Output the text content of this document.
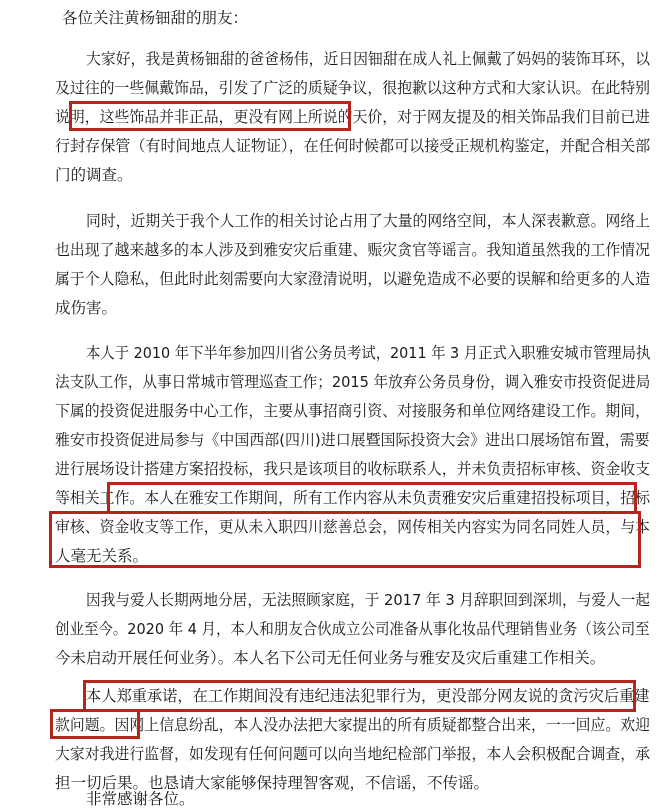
各位关注黄杨钿甜的朋友：
大家好，我是黄杨钿甜的爸爸杨伟，近日因钿甜在成人礼上佩戴了妈妈的装饰耳环，以
及过往的一些佩戴饰品，引发了广泛的质疑争议，很抱歉以这种方式和大家认识。在此特别
说明，这些饰品并非正品，更没有网上所说的天价，对于网友提及的相关饰品我们目前已进
行封存保管（有时间地点人证物证），在任何时候都可以接受正规机构鉴定，并配合相关部
门的调查。
同时，近期关于我个人工作的相关讨论占用了大量的网络空间，本人深表歉意。网络上
也出现了越来越多的本人涉及到雅安灾后重建、赈灾贪官等谣言。我知道虽然我的工作情况
属于个人隐私，但此时此刻需要向大家澄清说明，以避免造成不必要的误解和给更多的人造
成伤害。
本人于 2010 年下半年参加四川省公务员考试，2011 年 3 月正式入职雅安城市管理局执
法支队工作，从事日常城市管理巡查工作；2015 年放弃公务员身份，调入雅安市投资促进局
下属的投资促进服务中心工作，主要从事招商引资、对接服务和单位网络建设工作。期间，
雅安市投资促进局参与《中国西部(四川)进口展暨国际投资大会》进出口展场馆布置，需要
进行展场设计搭建方案招投标，我只是该项目的收标联系人，并未负责招标审核、资金收支
等相关工作。本人在雅安工作期间，所有工作内容从未负责雅安灾后重建招投标项目，招标
审核、资金收支等工作，更从未入职四川慈善总会，网传相关内容实为同名同姓人员，与本
人毫无关系。
因我与爱人长期两地分居，无法照顾家庭，于 2017 年 3 月辞职回到深圳，与爱人一起
创业至今。2020 年 4 月，本人和朋友合伙成立公司准备从事化妆品代理销售业务（该公司至
今未启动开展任何业务）。本人名下公司无任何业务与雅安及灾后重建工作相关。
本人郑重承诺，在工作期间没有违纪违法犯罪行为，更没部分网友说的贪污灾后重建
款问题。因网上信息纷乱，本人没办法把大家提出的所有质疑都整合出来，一一回应。欢迎
大家对我进行监督，如发现有任何问题可以向当地纪检部门举报，本人会积极配合调查，承
担一切后果。也恳请大家能够保持理智客观，不信谣，不传谣。
非常感谢各位。
